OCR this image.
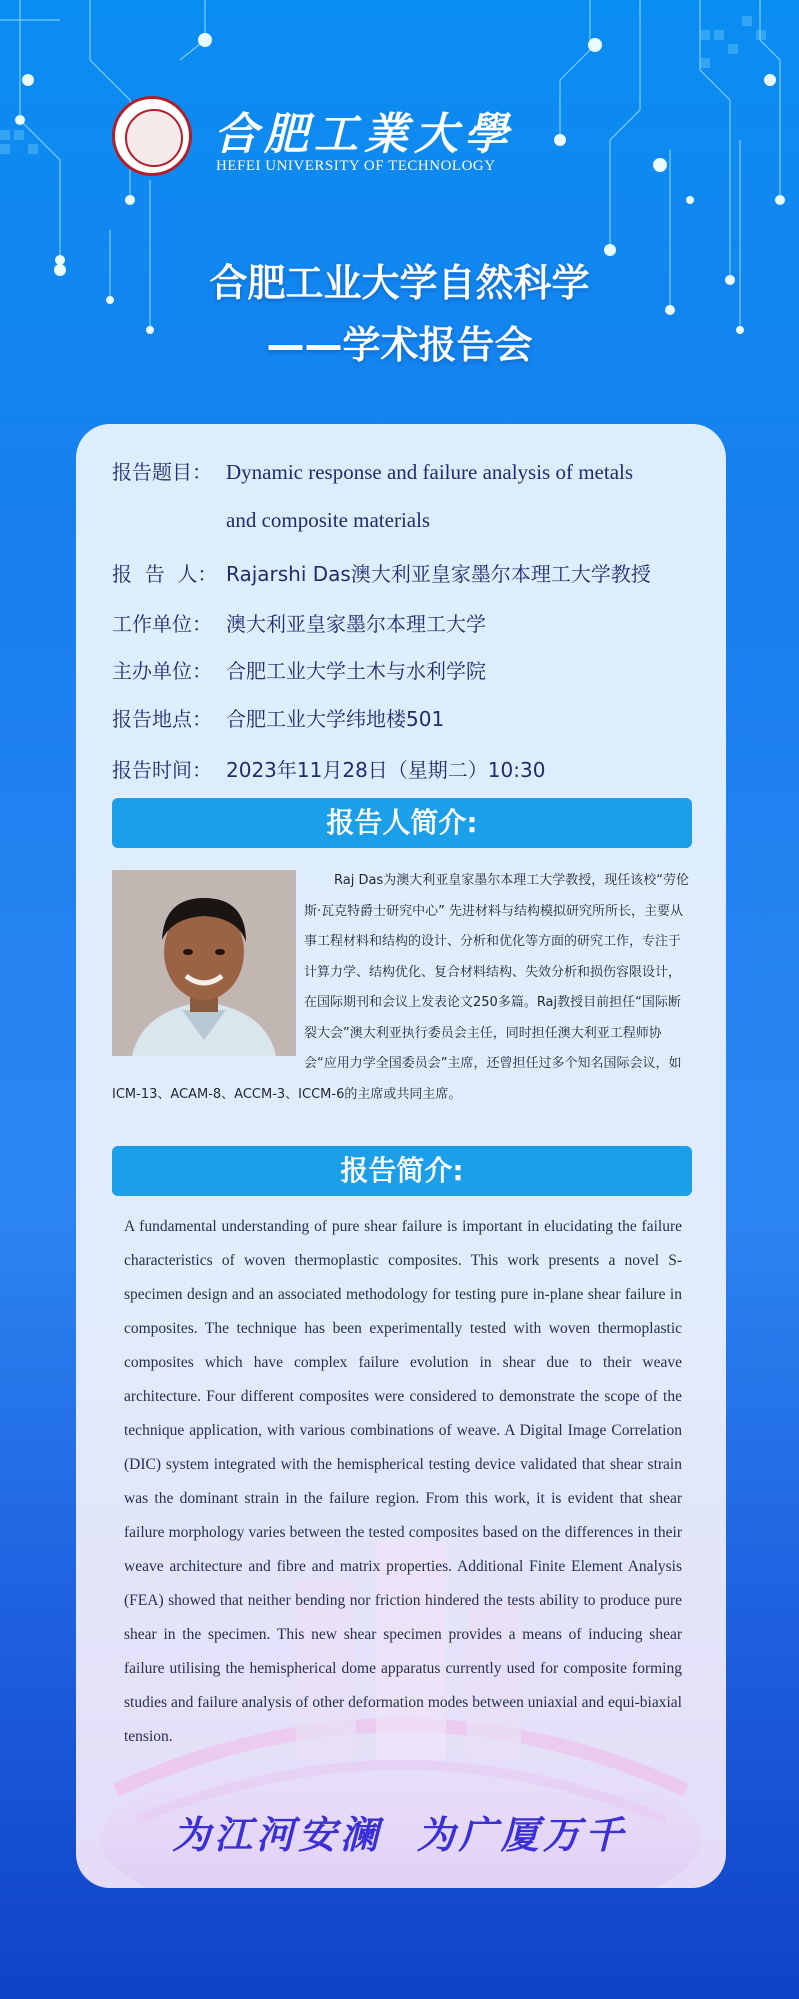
合肥工業大學
HEFEI UNIVERSITY OF TECHNOLOGY
合肥工业大学自然科学
——学术报告会
报告题目： Dynamic response and failure analysis of metals
and composite materials
报  告  人： Rajarshi Das澳大利亚皇家墨尔本理工大学教授
工作单位： 澳大利亚皇家墨尔本理工大学
主办单位： 合肥工业大学土木与水利学院
报告地点： 合肥工业大学纬地楼501
报告时间： 2023年11月28日（星期二）10:30
报告人简介:
Raj Das为澳大利亚皇家墨尔本理工大学教授，现任该校“劳伦斯·瓦克特爵士研究中心” 先进材料与结构模拟研究所所长，主要从事工程材料和结构的设计、分析和优化等方面的研究工作，专注于计算力学、结构优化、复合材料结构、失效分析和损伤容限设计，在国际期刊和会议上发表论文250多篇。Raj教授目前担任“国际断裂大会”澳大利亚执行委员会主任，同时担任澳大利亚工程师协会“应用力学全国委员会”主席，还曾担任过多个知名国际会议，如ICM-13、ACAM-8、ACCM-3、ICCM-6的主席或共同主席。
报告简介:
A fundamental understanding of pure shear failure is important in elucidating the failure characteristics of woven thermoplastic composites. This work presents a novel S-specimen design and an associated methodology for testing pure in-plane shear failure in composites. The technique has been experimentally tested with woven thermoplastic composites which have complex failure evolution in shear due to their weave architecture. Four different composites were considered to demonstrate the scope of the technique application, with various combinations of weave. A Digital Image Correlation (DIC) system integrated with the hemispherical testing device validated that shear strain was the dominant strain in the failure region. From this work, it is evident that shear failure morphology varies between the tested composites based on the differences in their weave architecture and fibre and matrix properties. Additional Finite Element Analysis (FEA) showed that neither bending nor friction hindered the tests ability to produce pure shear in the specimen. This new shear specimen provides a means of inducing shear failure utilising the hemispherical dome apparatus currently used for composite forming studies and failure analysis of other deformation modes between uniaxial and equi-biaxial tension.
为江河安澜  为广厦万千
